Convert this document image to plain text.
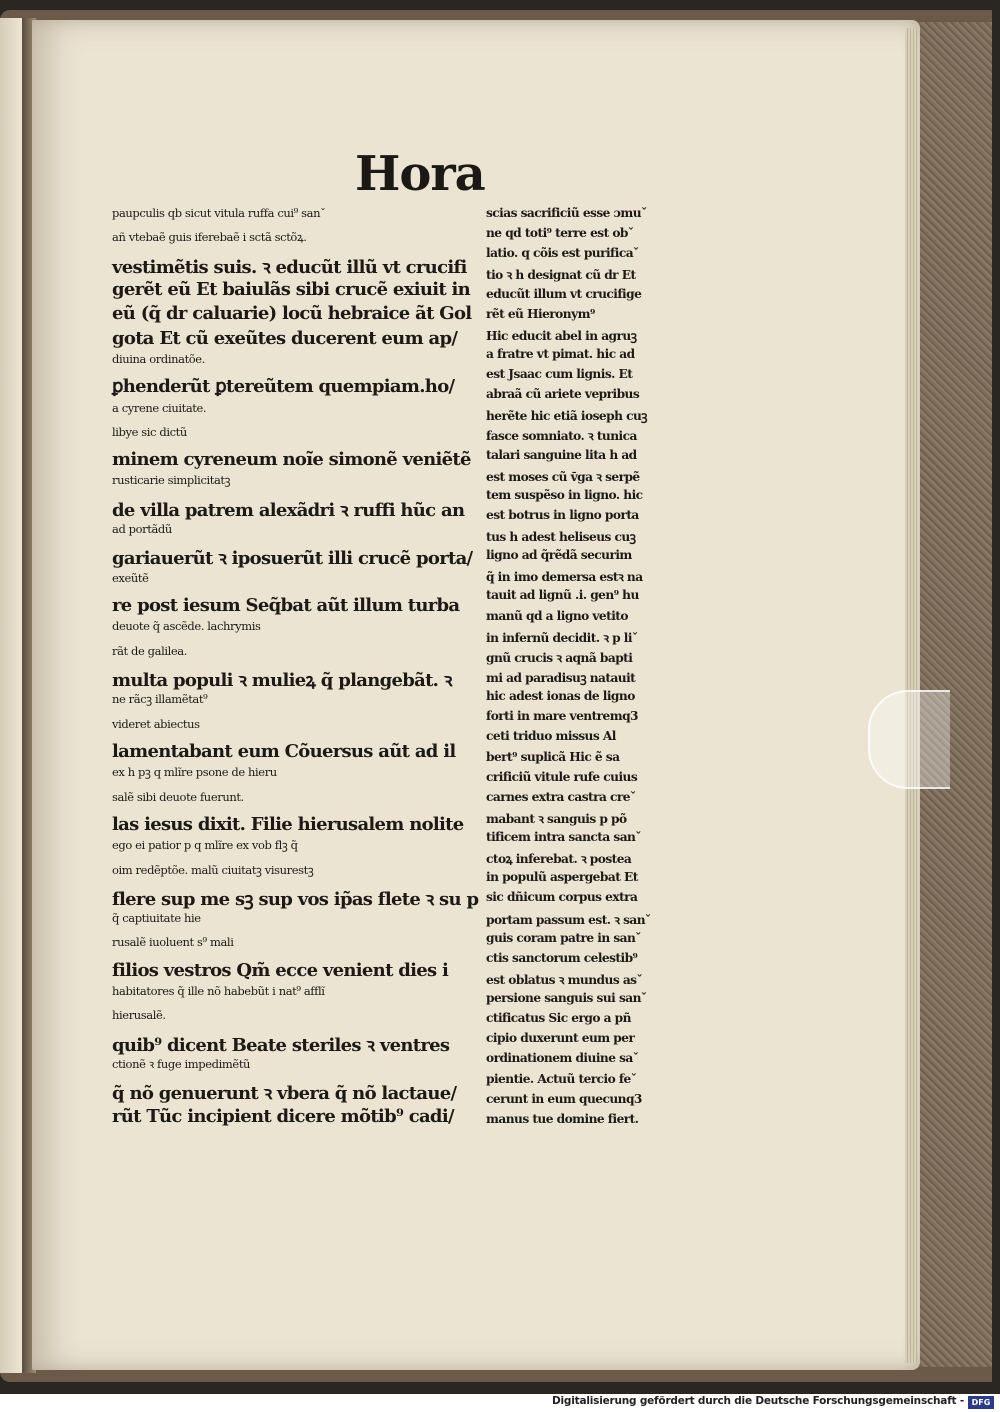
Hora
paupculis qb sicut vitula ruffa cui⁹ sanˇ
añ vtebaẽ guis iferebaẽ i sctã sctõꝝ.
vestimẽtis suis. ꝛ educũt illũ vt crucifi
gerẽt eũ Et baiulãs sibi crucẽ exiuit in
eũ (q̃ dr caluarie) locũ hebraice ãt Gol
gota Et cũ exeũtes ducerent eum ap/
diuina ordinatõe.
ꝑhenderũt ꝑtereũtem quempiam.ho/
a cyrene ciuitate.
libye sic dictũ
minem cyreneum noĩe simonẽ veniẽtẽ
rusticarie simplicitatꝫ
de villa patrem alexãdri ꝛ ruffi hũc an
ad portãdũ
gariauerũt ꝛ iposuerũt illi crucẽ porta/
exeũtẽ
re post iesum Seq̃bat aũt illum turba
deuote q̃ ascẽde. lachrymis
rãt de galilea.
multa populi ꝛ mulieꝝ q̃ plangebãt. ꝛ
ne rãcꝫ illamẽtat⁹
videret abiectus
lamentabant eum Cõuersus aũt ad il
ex h pꝫ q mlĩre psone de hieru
salẽ sibi deuote fuerunt.
las iesus dixit. Filie hierusalem nolite
ego ei patior p q mlĩre ex vob flꝫ q̃
oim redẽptõe. malũ ciuitatꝫ visurestꝫ
flere sup me sꝫ sup vos ip̃as flete ꝛ su p
q̃ captiuitate hie
rusalẽ iuoluent s⁹ mali
filios vestros Qm̃ ecce venient dies i
habitatores q̃ ille nõ habebũt i nat⁹ afflĩ
hierusalẽ.
quib⁹ dicent Beate steriles ꝛ ventres
ctionẽ ꝛ fuge impedimẽtũ
q̃ nõ genuerunt ꝛ vbera q̃ nõ lactaue/
rũt Tũc incipient dicere mõtib⁹ cadi/
scias sacrificiũ esse ɔmuˇ
ne qd toti⁹ terre est obˇ
latio. q cõis est purificaˇ
tio ꝛ h designat cũ dr Et
educũt illum vt crucifige
rẽt eũ Hieronym⁹
Hic educit abel in agruꝫ
a fratre vt pimat. hic ad
est Jsaac cum lignis. Et
abraã cũ ariete vepribus
herẽte hic etiã ioseph cuꝫ
fasce somniato. ꝛ tunica
talari sanguine lita h ad
est moses cũ v̄ga ꝛ serpẽ
tem suspẽso in ligno. hic
est botrus in ligno porta
tus h adest heliseus cuꝫ
ligno ad q̃rẽdã securim
q̃ in imo demersa estꝛ na
tauit ad lignũ .i. gen⁹ hu
manũ qd a ligno vetito
in infernũ decidit. ꝛ p liˇ
gnũ crucis ꝛ aqnã bapti
mi ad paradisuꝫ natauit
hic adest ionas de ligno
forti in mare ventremq3
ceti triduo missus Al
bert⁹ suplicã Hic ẽ sa
crificiũ vitule rufe cuius
carnes extra castra creˇ
mabant ꝛ sanguis p põ
tificem intra sancta sanˇ
ctoꝝ inferebat. ꝛ postea
in populũ aspergebat Et
sic dñicum corpus extra
portam passum est. ꝛ sanˇ
guis coram patre in sanˇ
ctis sanctorum celestib⁹
est oblatus ꝛ mundus asˇ
persione sanguis sui sanˇ
ctificatus Sic ergo a pñ
cipio duxerunt eum per
ordinationem diuine saˇ
pientie. Actuũ tercio feˇ
cerunt in eum quecunq3
manus tue domine fiert.
Digitalisierung gefördert durch die Deutsche Forschungsgemeinschaft - DFG
